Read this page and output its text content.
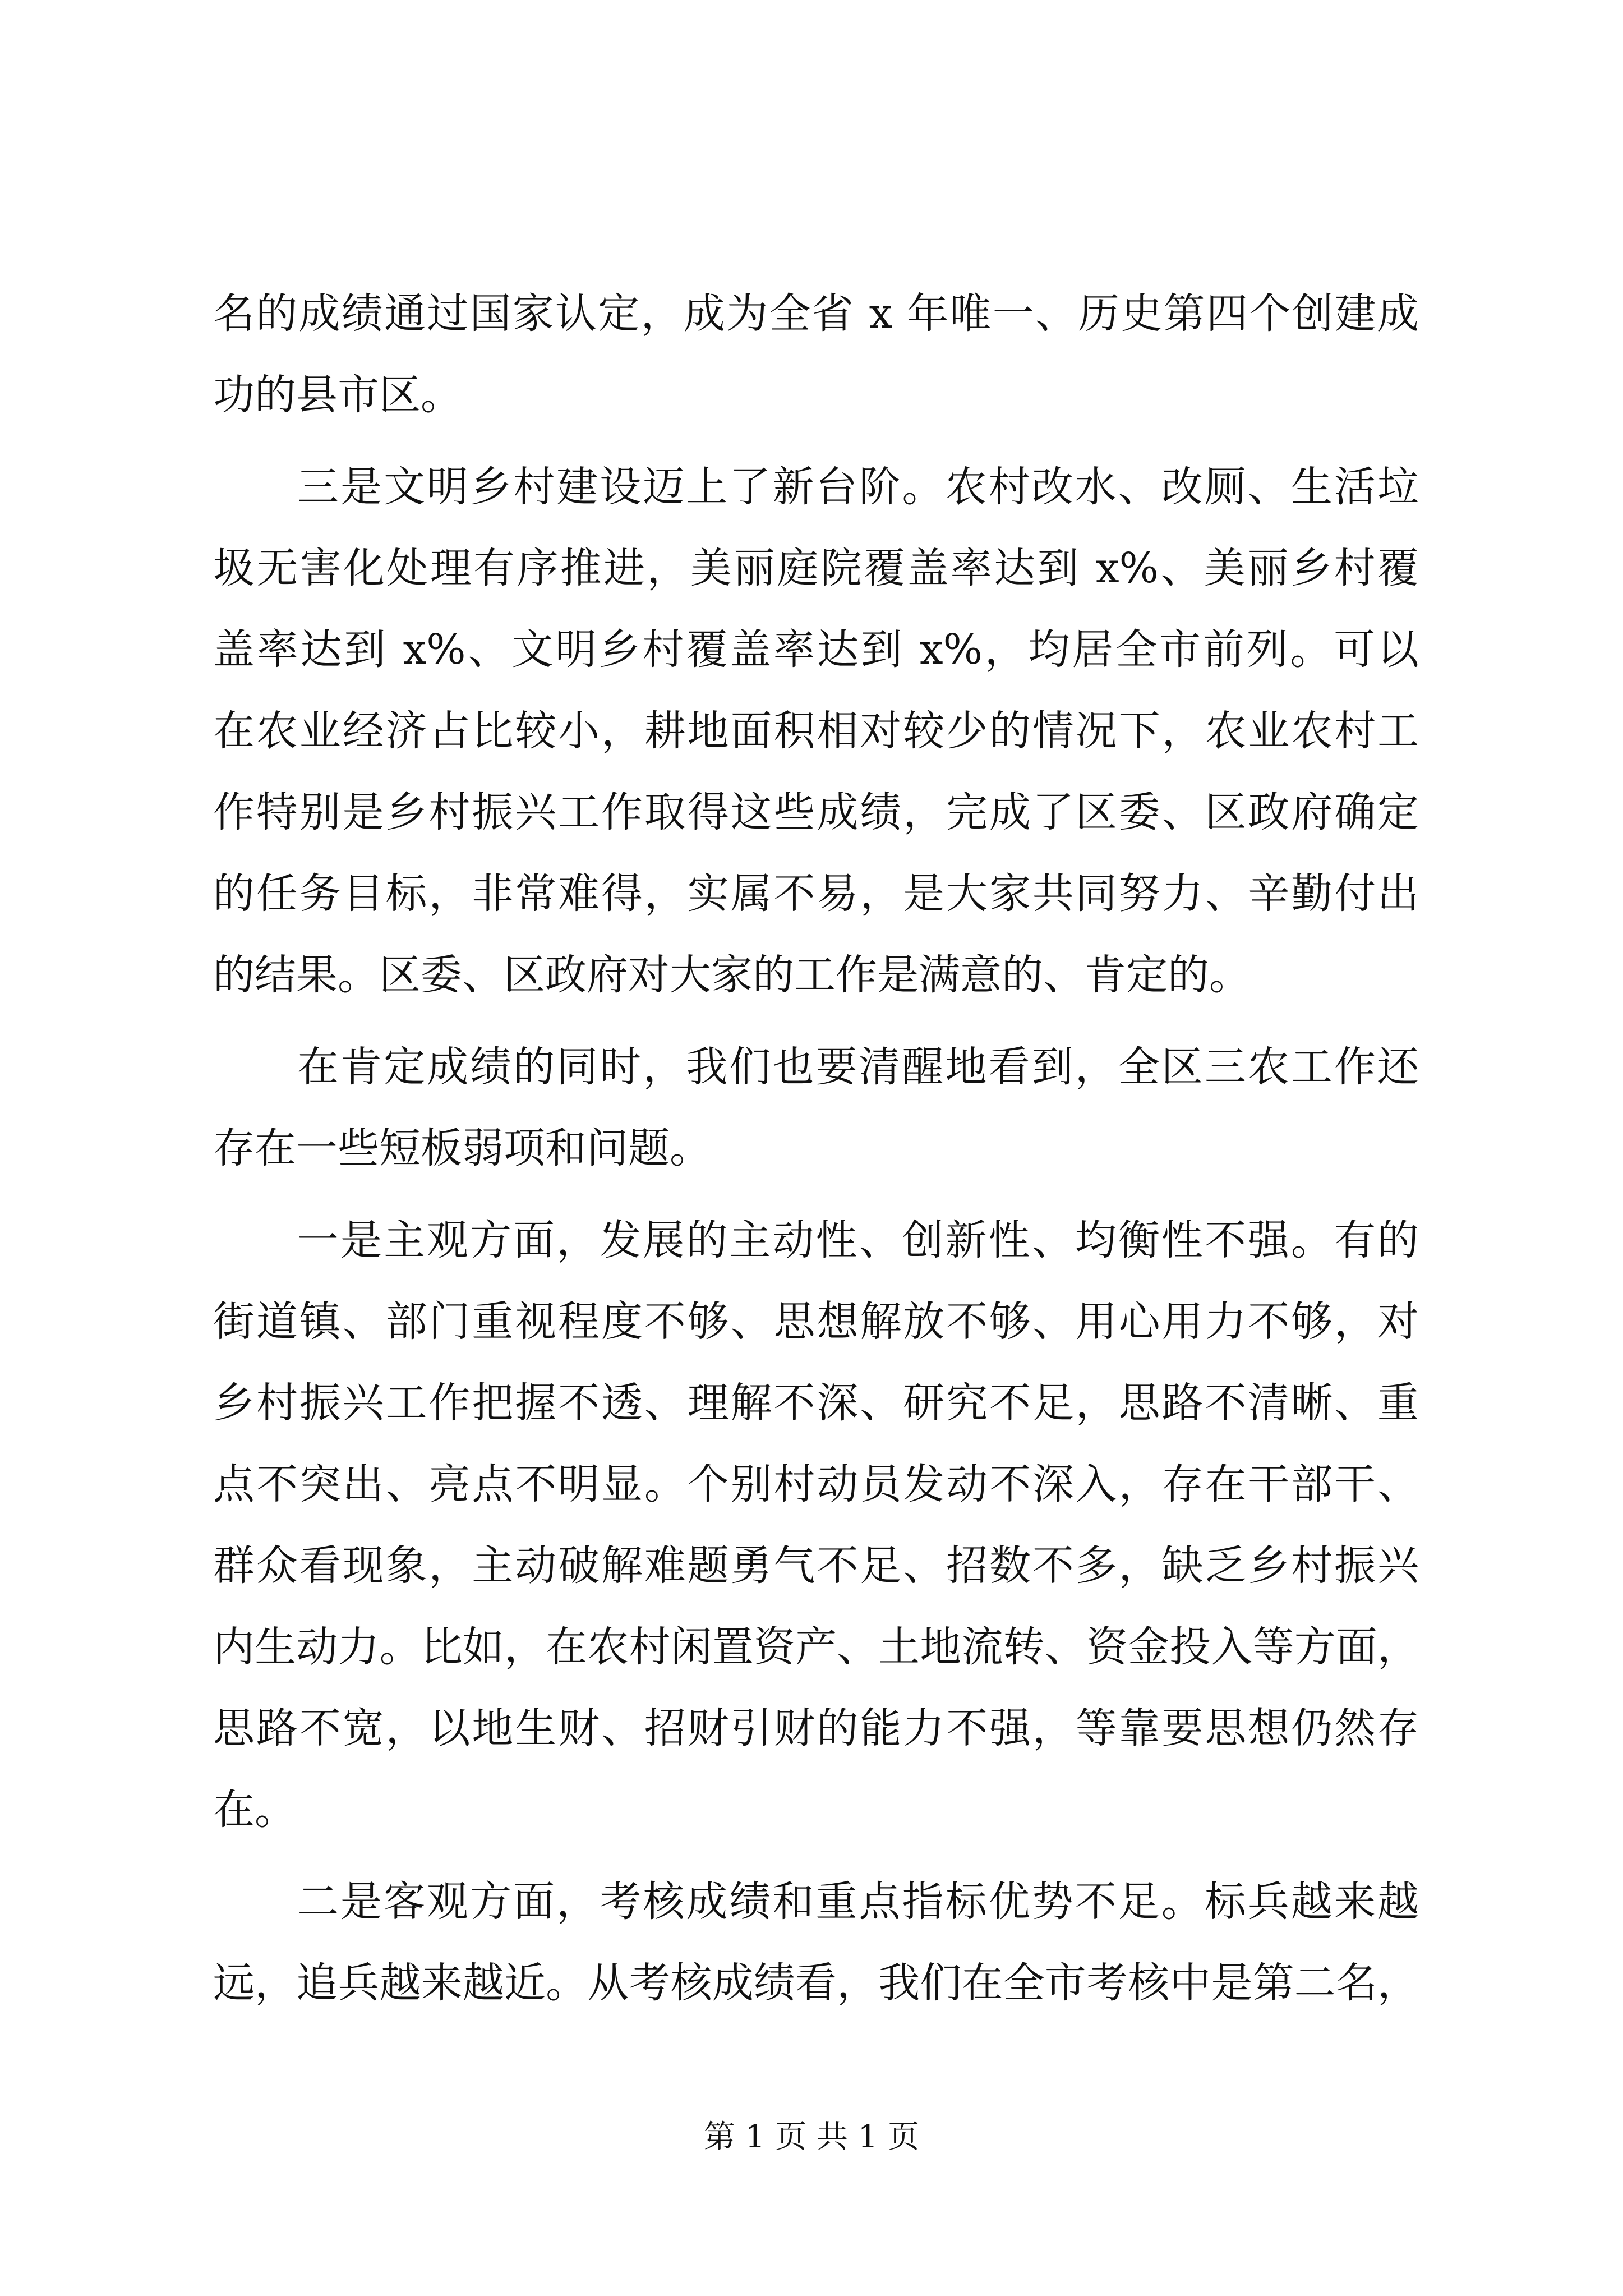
名的成绩通过国家认定，成为全省 x 年唯一、历史第四个创建成
功的县市区。
三是文明乡村建设迈上了新台阶。农村改水、改厕、生活垃
圾无害化处理有序推进，美丽庭院覆盖率达到 x%、美丽乡村覆
盖率达到 x%、文明乡村覆盖率达到 x%，均居全市前列。可以
在农业经济占比较小，耕地面积相对较少的情况下，农业农村工
作特别是乡村振兴工作取得这些成绩，完成了区委、区政府确定
的任务目标，非常难得，实属不易，是大家共同努力、辛勤付出
的结果。区委、区政府对大家的工作是满意的、肯定的。
在肯定成绩的同时，我们也要清醒地看到，全区三农工作还
存在一些短板弱项和问题。
一是主观方面，发展的主动性、创新性、均衡性不强。有的
街道镇、部门重视程度不够、思想解放不够、用心用力不够，对
乡村振兴工作把握不透、理解不深、研究不足，思路不清晰、重
点不突出、亮点不明显。个别村动员发动不深入，存在干部干、
群众看现象，主动破解难题勇气不足、招数不多，缺乏乡村振兴
内生动力。比如，在农村闲置资产、土地流转、资金投入等方面，
思路不宽，以地生财、招财引财的能力不强，等靠要思想仍然存
在。
二是客观方面，考核成绩和重点指标优势不足。标兵越来越
远，追兵越来越近。从考核成绩看，我们在全市考核中是第二名，
第 1 页 共 1 页
